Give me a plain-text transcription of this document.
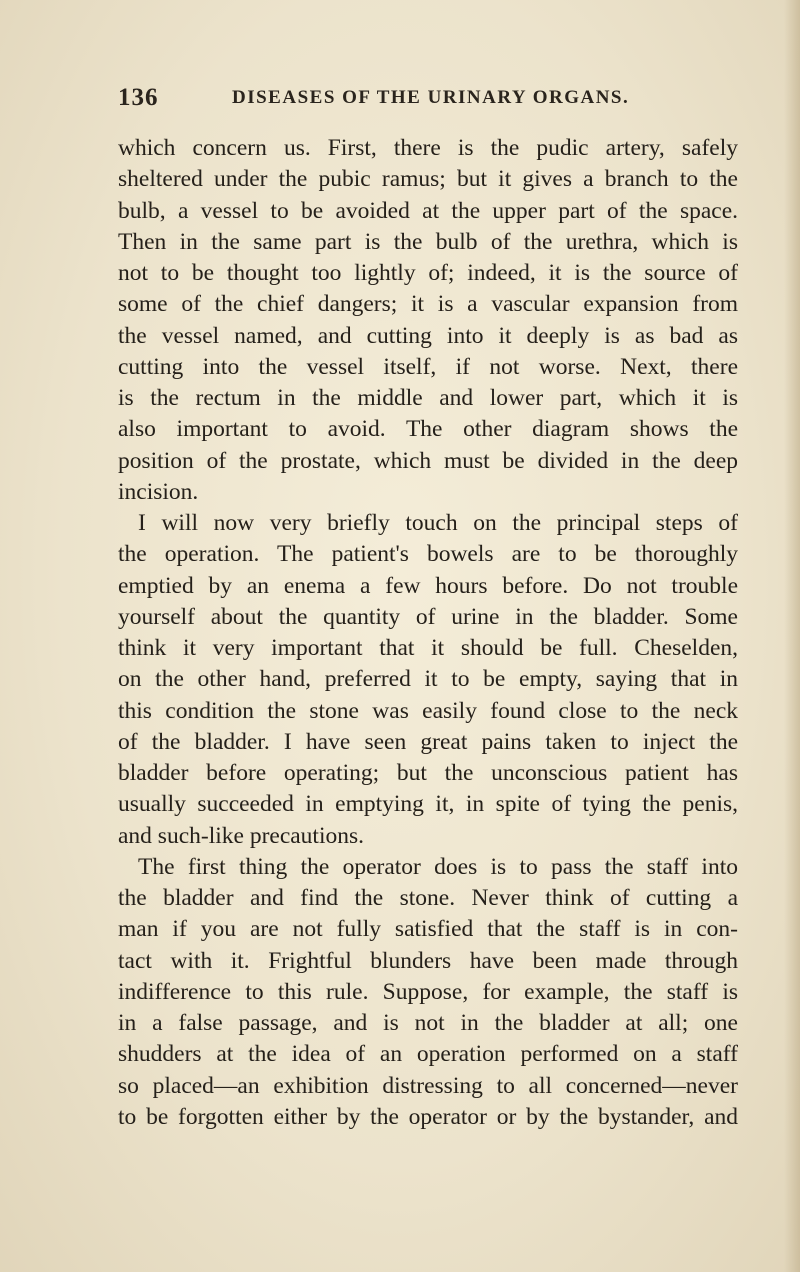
136	DISEASES OF THE URINARY ORGANS.
which concern us. First, there is the pudic artery, safely
sheltered under the pubic ramus; but it gives a branch to the
bulb, a vessel to be avoided at the upper part of the space.
Then in the same part is the bulb of the urethra, which is
not to be thought too lightly of; indeed, it is the source of
some of the chief dangers; it is a vascular expansion from
the vessel named, and cutting into it deeply is as bad as
cutting into the vessel itself, if not worse. Next, there
is the rectum in the middle and lower part, which it is
also important to avoid. The other diagram shows the
position of the prostate, which must be divided in the deep
incision.
I will now very briefly touch on the principal steps of
the operation. The patient's bowels are to be thoroughly
emptied by an enema a few hours before. Do not trouble
yourself about the quantity of urine in the bladder. Some
think it very important that it should be full. Cheselden,
on the other hand, preferred it to be empty, saying that in
this condition the stone was easily found close to the neck
of the bladder. I have seen great pains taken to inject the
bladder before operating; but the unconscious patient has
usually succeeded in emptying it, in spite of tying the penis,
and such-like precautions.
The first thing the operator does is to pass the staff into
the bladder and find the stone. Never think of cutting a
man if you are not fully satisfied that the staff is in con-
tact with it. Frightful blunders have been made through
indifference to this rule. Suppose, for example, the staff is
in a false passage, and is not in the bladder at all; one
shudders at the idea of an operation performed on a staff
so placed—an exhibition distressing to all concerned—never
to be forgotten either by the operator or by the bystander, and
